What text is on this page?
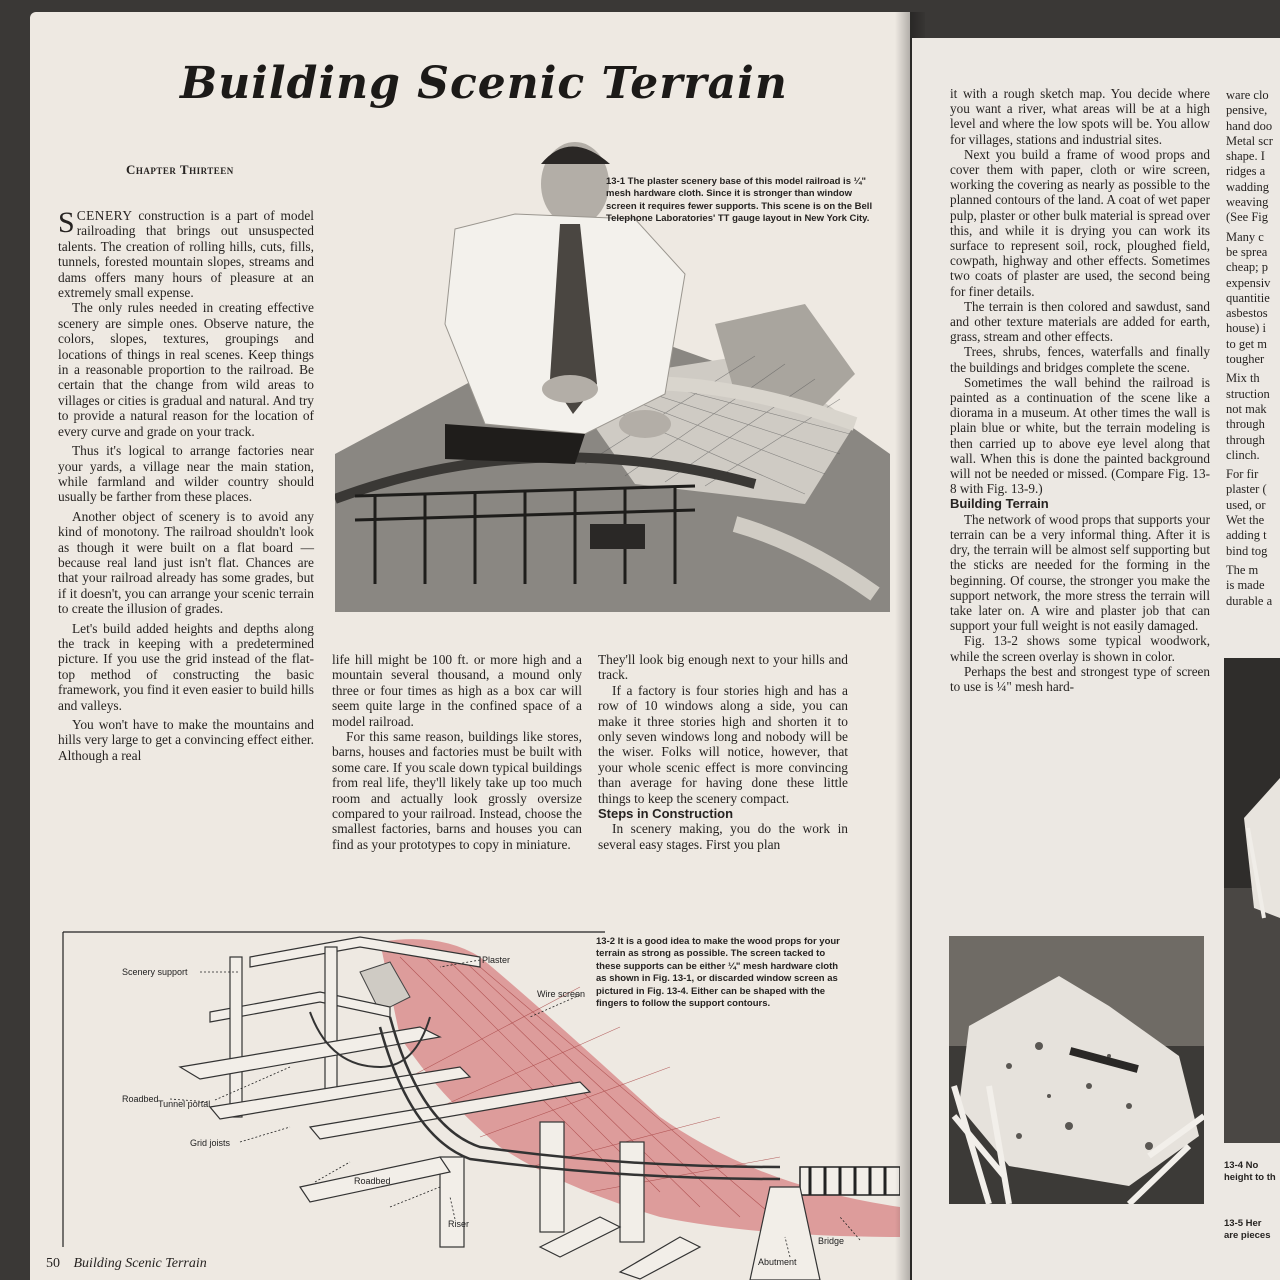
Building Scenic Terrain

Chapter Thirteen

SCENERY construction is a part of model railroading that brings out unsuspected talents. The creation of rolling hills, cuts, fills, tunnels, forested mountain slopes, streams and dams offers many hours of pleasure at an extremely small expense.

The only rules needed in creating effective scenery are simple ones. Observe nature, the colors, slopes, textures, groupings and locations of things in real scenes. Keep things in a reasonable proportion to the railroad. Be certain that the change from wild areas to villages or cities is gradual and natural. And try to provide a natural reason for the location of every curve and grade on your track.

Thus it's logical to arrange factories near your yards, a village near the main station, while farmland and wilder country should usually be farther from these places.

Another object of scenery is to avoid any kind of monotony. The railroad shouldn't look as though it were built on a flat board — because real land just isn't flat. Chances are that your railroad already has some grades, but if it doesn't, you can arrange your scenic terrain to create the illusion of grades.

Let's build added heights and depths along the track in keeping with a predetermined picture. If you use the grid instead of the flat-top method of constructing the basic framework, you find it even easier to build hills and valleys.

You won't have to make the mountains and hills very large to get a convincing effect either. Although a real

life hill might be 100 ft. or more high and a mountain several thousand, a mound only three or four times as high as a box car will seem quite large in the confined space of a model railroad.

For this same reason, buildings like stores, barns, houses and factories must be built with some care. If you scale down typical buildings from real life, they'll likely take up too much room and actually look grossly oversize compared to your railroad. Instead, choose the smallest factories, barns and houses you can find as your prototypes to copy in miniature.

They'll look big enough next to your hills and track.

If a factory is four stories high and has a row of 10 windows along a side, you can make it three stories high and shorten it to only seven windows long and nobody will be the wiser. Folks will notice, however, that your whole scenic effect is more convincing than average for having done these little things to keep the scenery compact.

Steps in Construction

In scenery making, you do the work in several easy stages. First you plan

13-1 The plaster scenery base of this model railroad is ¼" mesh hardware cloth. Since it is stronger than window screen it requires fewer supports. This scene is on the Bell Telephone Laboratories' TT gauge layout in New York City.

Scenery support
Plaster
Wire screen
Roadbed Tunnel portal
Grid joists
Roadbed
Riser
Bridge
Abutment

13-2 It is a good idea to make the wood props for your terrain as strong as possible. The screen tacked to these supports can be either ¼" mesh hardware cloth as shown in Fig. 13-1, or discarded window screen as pictured in Fig. 13-4. Either can be shaped with the fingers to follow the support contours.

50 Building Scenic Terrain

it with a rough sketch map. You decide where you want a river, what areas will be at a high level and where the low spots will be. You allow for villages, stations and industrial sites.

Next you build a frame of wood props and cover them with paper, cloth or wire screen, working the covering as nearly as possible to the planned contours of the land. A coat of wet paper pulp, plaster or other bulk material is spread over this, and while it is drying you can work its surface to represent soil, rock, ploughed field, cowpath, highway and other effects. Sometimes two coats of plaster are used, the second being for finer details.

The terrain is then colored and sawdust, sand and other texture materials are added for earth, grass, stream and other effects.

Trees, shrubs, fences, waterfalls and finally the buildings and bridges complete the scene.

Sometimes the wall behind the railroad is painted as a continuation of the scene like a diorama in a museum. At other times the wall is plain blue or white, but the terrain modeling is then carried up to above eye level along that wall. When this is done the painted background will not be needed or missed. (Compare Fig. 13-8 with Fig. 13-9.)

Building Terrain

The network of wood props that supports your terrain can be a very informal thing. After it is dry, the terrain will be almost self supporting but the sticks are needed for the forming in the beginning. Of course, the stronger you make the support network, the more stress the terrain will take later on. A wire and plaster job that can support your full weight is not easily damaged.

Fig. 13-2 shows some typical woodwork, while the screen overlay is shown in color.

Perhaps the best and strongest type of screen to use is ¼" mesh hard-

ware clo
pensive,
hand doo
Metal scr
shape. I
ridges a
wadding
weaving
(See Fig
Many c
be sprea
cheap; p
expensiv
quantitie
asbestos
house) i
to get m
tougher
Mix th
struction
not mak
through
through
clinch.
For fir
plaster (
used, or
Wet the
adding t
bind tog
The m
is made
durable a

13-4 No
height to th

13-5 Her
are pieces
